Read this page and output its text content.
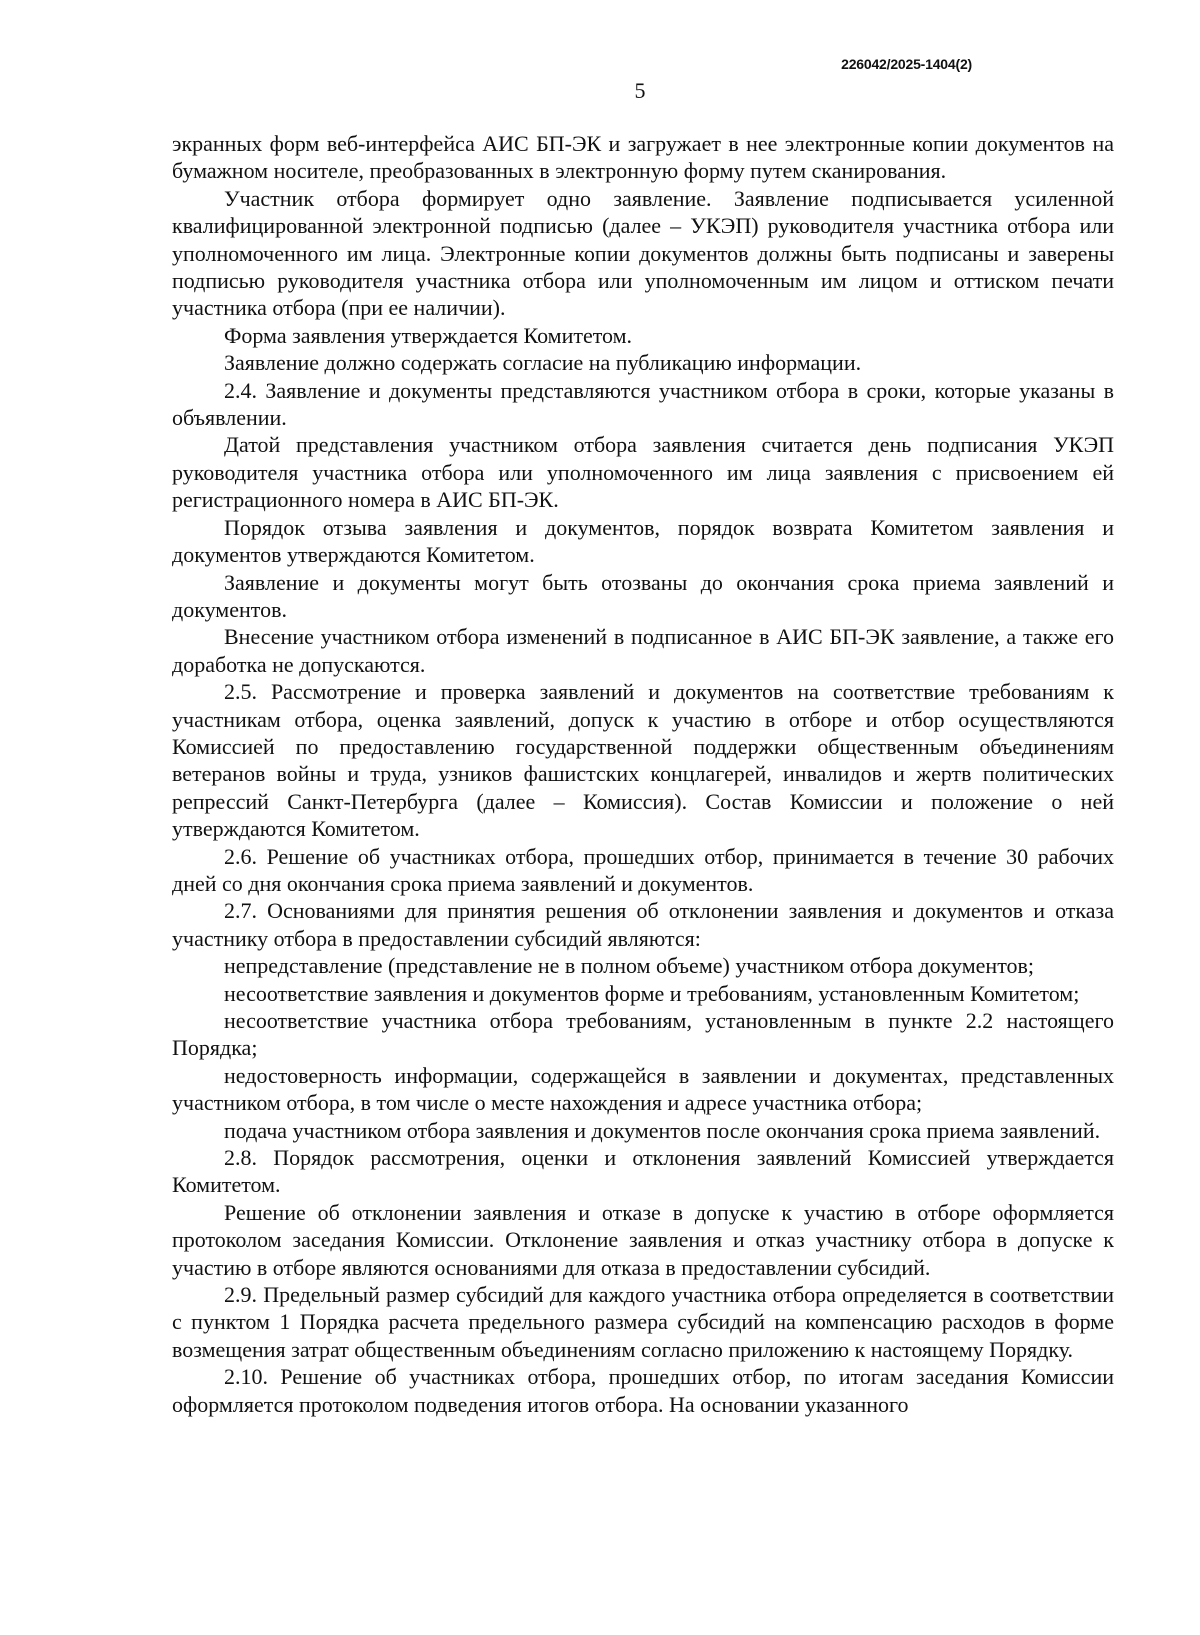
226042/2025-1404(2)
5

экранных форм веб-интерфейса АИС БП-ЭК и загружает в нее электронные копии документов на бумажном носителе, преобразованных в электронную форму путем сканирования.

Участник отбора формирует одно заявление. Заявление подписывается усиленной квалифицированной электронной подписью (далее – УКЭП) руководителя участника отбора или уполномоченного им лица. Электронные копии документов должны быть подписаны и заверены подписью руководителя участника отбора или уполномоченным им лицом и оттиском печати участника отбора (при ее наличии).

Форма заявления утверждается Комитетом.

Заявление должно содержать согласие на публикацию информации.

2.4. Заявление и документы представляются участником отбора в сроки, которые указаны в объявлении.

Датой представления участником отбора заявления считается день подписания УКЭП руководителя участника отбора или уполномоченного им лица заявления с присвоением ей регистрационного номера в АИС БП-ЭК.

Порядок отзыва заявления и документов, порядок возврата Комитетом заявления и документов утверждаются Комитетом.

Заявление и документы могут быть отозваны до окончания срока приема заявлений и документов.

Внесение участником отбора изменений в подписанное в АИС БП-ЭК заявление, а также его доработка не допускаются.

2.5. Рассмотрение и проверка заявлений и документов на соответствие требованиям к участникам отбора, оценка заявлений, допуск к участию в отборе и отбор осуществляются Комиссией по предоставлению государственной поддержки общественным объединениям ветеранов войны и труда, узников фашистских концлагерей, инвалидов и жертв политических репрессий Санкт-Петербурга (далее – Комиссия). Состав Комиссии и положение о ней утверждаются Комитетом.

2.6. Решение об участниках отбора, прошедших отбор, принимается в течение 30 рабочих дней со дня окончания срока приема заявлений и документов.

2.7. Основаниями для принятия решения об отклонении заявления и документов и отказа участнику отбора в предоставлении субсидий являются:

непредставление (представление не в полном объеме) участником отбора документов;

несоответствие заявления и документов форме и требованиям, установленным Комитетом;

несоответствие участника отбора требованиям, установленным в пункте 2.2 настоящего Порядка;

недостоверность информации, содержащейся в заявлении и документах, представленных участником отбора, в том числе о месте нахождения и адресе участника отбора;

подача участником отбора заявления и документов после окончания срока приема заявлений.

2.8. Порядок рассмотрения, оценки и отклонения заявлений Комиссией утверждается Комитетом.

Решение об отклонении заявления и отказе в допуске к участию в отборе оформляется протоколом заседания Комиссии. Отклонение заявления и отказ участнику отбора в допуске к участию в отборе являются основаниями для отказа в предоставлении субсидий.

2.9. Предельный размер субсидий для каждого участника отбора определяется в соответствии с пунктом 1 Порядка расчета предельного размера субсидий на компенсацию расходов в форме возмещения затрат общественным объединениям согласно приложению к настоящему Порядку.

2.10. Решение об участниках отбора, прошедших отбор, по итогам заседания Комиссии оформляется протоколом подведения итогов отбора. На основании указанного
